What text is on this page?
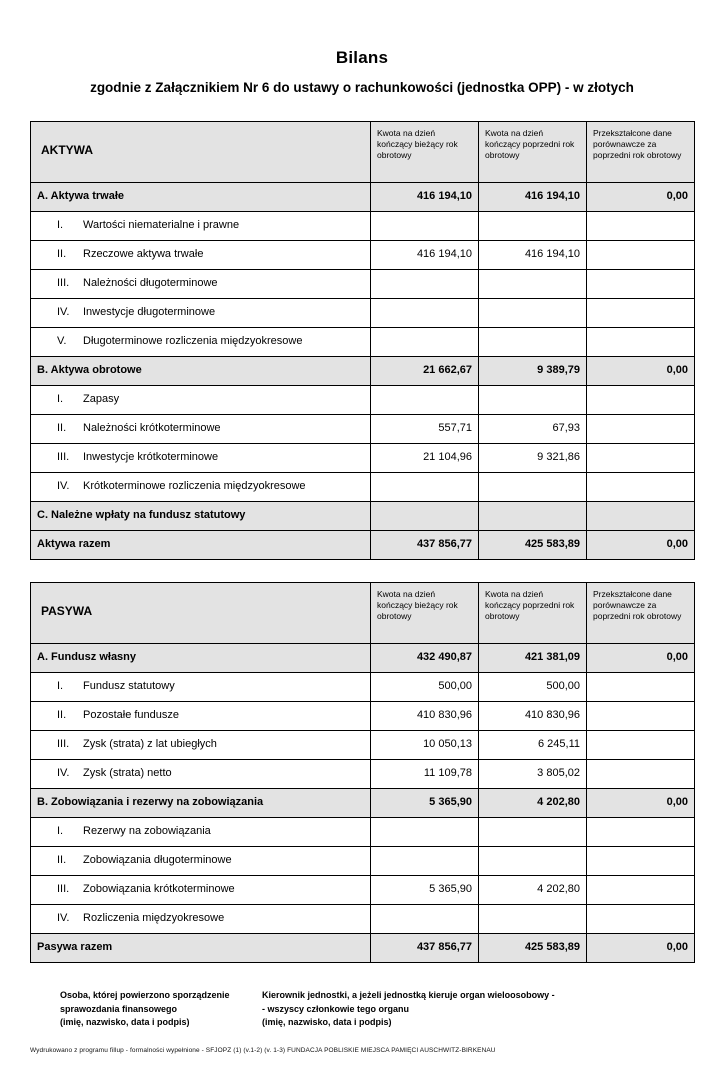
Bilans
zgodnie z Załącznikiem Nr 6 do ustawy o rachunkowości (jednostka OPP) - w złotych
AKTYWA	Kwota na dzień kończący bieżący rok obrotowy	Kwota na dzień kończący poprzedni rok obrotowy	Przekształcone dane porównawcze za poprzedni rok obrotowy
A. Aktywa trwałe	416 194,10	416 194,10	0,00
I. Wartości niematerialne i prawne			
II. Rzeczowe aktywa trwałe	416 194,10	416 194,10	
III. Należności długoterminowe			
IV. Inwestycje długoterminowe			
V. Długoterminowe rozliczenia międzyokresowe			
B. Aktywa obrotowe	21 662,67	9 389,79	0,00
I. Zapasy			
II. Należności krótkoterminowe	557,71	67,93	
III. Inwestycje krótkoterminowe	21 104,96	9 321,86	
IV. Krótkoterminowe rozliczenia międzyokresowe			
C. Należne wpłaty na fundusz statutowy			
Aktywa razem	437 856,77	425 583,89	0,00
PASYWA	Kwota na dzień kończący bieżący rok obrotowy	Kwota na dzień kończący poprzedni rok obrotowy	Przekształcone dane porównawcze za poprzedni rok obrotowy
A. Fundusz własny	432 490,87	421 381,09	0,00
I. Fundusz statutowy	500,00	500,00	
II. Pozostałe fundusze	410 830,96	410 830,96	
III. Zysk (strata) z lat ubiegłych	10 050,13	6 245,11	
IV. Zysk (strata) netto	11 109,78	3 805,02	
B. Zobowiązania i rezerwy na zobowiązania	5 365,90	4 202,80	0,00
I. Rezerwy na zobowiązania			
II. Zobowiązania długoterminowe			
III. Zobowiązania krótkoterminowe	5 365,90	4 202,80	
IV. Rozliczenia międzyokresowe			
Pasywa razem	437 856,77	425 583,89	0,00
Osoba, której powierzono sporządzenie
sprawozdania finansowego
(imię, nazwisko, data i podpis)
Kierownik jednostki, a jeżeli jednostką kieruje organ wieloosobowy -
- wszyscy członkowie tego organu
(imię, nazwisko, data i podpis)
Wydrukowano z programu fillup - formalności wypełnione - SFJOPZ (1) (v.1-2) (v. 1-3) FUNDACJA POBLISKIE MIEJSCA PAMIĘCI AUSCHWITZ-BIRKENAU
